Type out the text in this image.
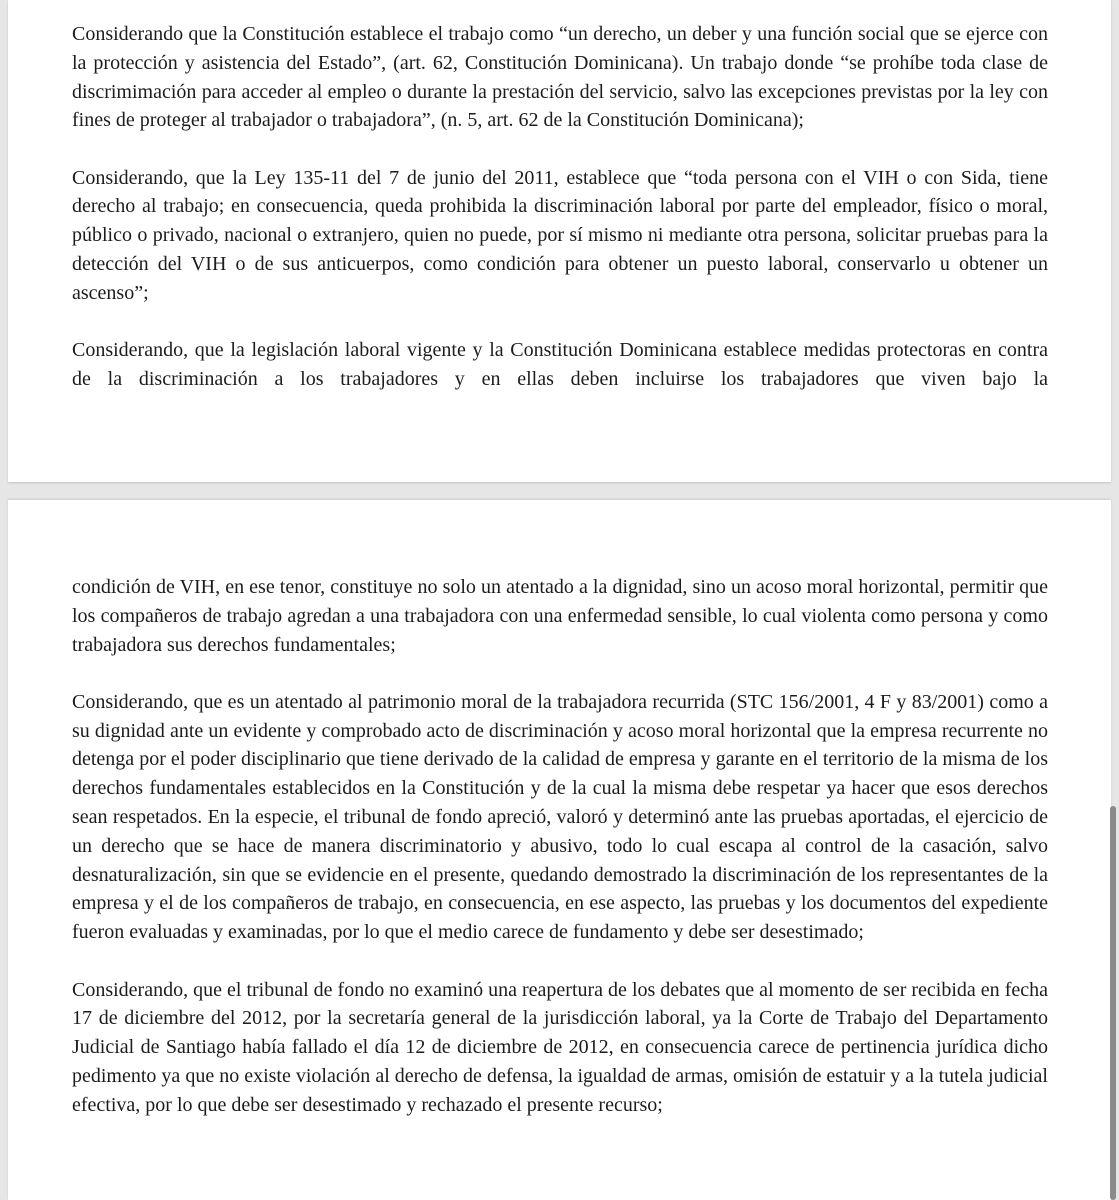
Considerando que la Constitución establece el trabajo como “un derecho, un deber y una función social que se ejerce con la protección y asistencia del Estado”, (art. 62, Constitución Dominicana). Un trabajo donde “se prohíbe toda clase de discrimimación para acceder al empleo o durante la prestación del servicio, salvo las excepciones previstas por la ley con fines de proteger al trabajador o trabajadora”, (n. 5, art. 62 de la Constitución Dominicana);

Considerando, que la Ley 135-11 del 7 de junio del 2011, establece que “toda persona con el VIH o con Sida, tiene derecho al trabajo; en consecuencia, queda prohibida la discriminación laboral por parte del empleador, físico o moral, público o privado, nacional o extranjero, quien no puede, por sí mismo ni mediante otra persona, solicitar pruebas para la detección del VIH o de sus anticuerpos, como condición para obtener un puesto laboral, conservarlo u obtener un ascenso”;

Considerando, que la legislación laboral vigente y la Constitución Dominicana establece medidas protectoras en contra de la discriminación a los trabajadores y en ellas deben incluirse los trabajadores que viven bajo la

condición de VIH, en ese tenor, constituye no solo un atentado a la dignidad, sino un acoso moral horizontal, permitir que los compañeros de trabajo agredan a una trabajadora con una enfermedad sensible, lo cual violenta como persona y como trabajadora sus derechos fundamentales;

Considerando, que es un atentado al patrimonio moral de la trabajadora recurrida (STC 156/2001, 4 F y 83/2001) como a su dignidad ante un evidente y comprobado acto de discriminación y acoso moral horizontal que la empresa recurrente no detenga por el poder disciplinario que tiene derivado de la calidad de empresa y garante en el territorio de la misma de los derechos fundamentales establecidos en la Constitución y de la cual la misma debe respetar ya hacer que esos derechos sean respetados. En la especie, el tribunal de fondo apreció, valoró y determinó ante las pruebas aportadas, el ejercicio de un derecho que se hace de manera discriminatorio y abusivo, todo lo cual escapa al control de la casación, salvo desnaturalización, sin que se evidencie en el presente, quedando demostrado la discriminación de los representantes de la empresa y el de los compañeros de trabajo, en consecuencia, en ese aspecto, las pruebas y los documentos del expediente fueron evaluadas y examinadas, por lo que el medio carece de fundamento y debe ser desestimado;

Considerando, que el tribunal de fondo no examinó una reapertura de los debates que al momento de ser recibida en fecha 17 de diciembre del 2012, por la secretaría general de la jurisdicción laboral, ya la Corte de Trabajo del Departamento Judicial de Santiago había fallado el día 12 de diciembre de 2012, en consecuencia carece de pertinencia jurídica dicho pedimento ya que no existe violación al derecho de defensa, la igualdad de armas, omisión de estatuir y a la tutela judicial efectiva, por lo que debe ser desestimado y rechazado el presente recurso;
